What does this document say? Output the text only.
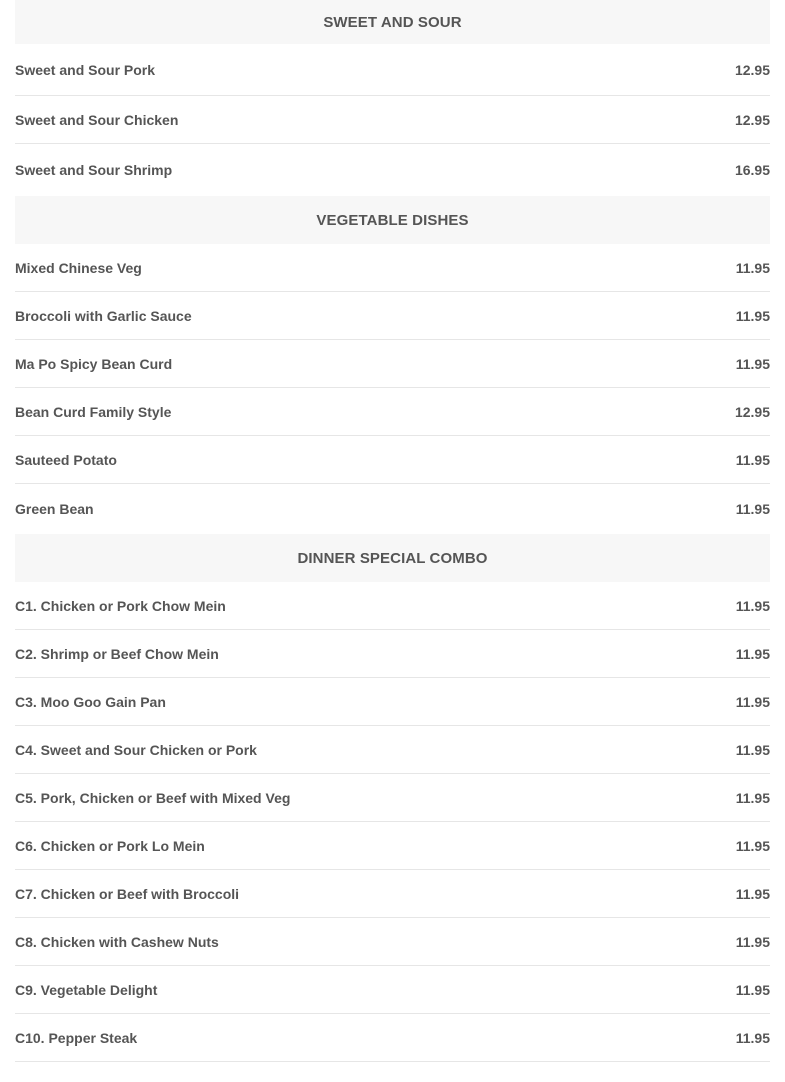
SWEET AND SOUR
Sweet and Sour Pork	12.95
Sweet and Sour Chicken	12.95
Sweet and Sour Shrimp	16.95
VEGETABLE DISHES
Mixed Chinese Veg	11.95
Broccoli with Garlic Sauce	11.95
Ma Po Spicy Bean Curd	11.95
Bean Curd Family Style	12.95
Sauteed Potato	11.95
Green Bean	11.95
DINNER SPECIAL COMBO
C1. Chicken or Pork Chow Mein	11.95
C2. Shrimp or Beef Chow Mein	11.95
C3. Moo Goo Gain Pan	11.95
C4. Sweet and Sour Chicken or Pork	11.95
C5. Pork, Chicken or Beef with Mixed Veg	11.95
C6. Chicken or Pork Lo Mein	11.95
C7. Chicken or Beef with Broccoli	11.95
C8. Chicken with Cashew Nuts	11.95
C9. Vegetable Delight	11.95
C10. Pepper Steak	11.95
